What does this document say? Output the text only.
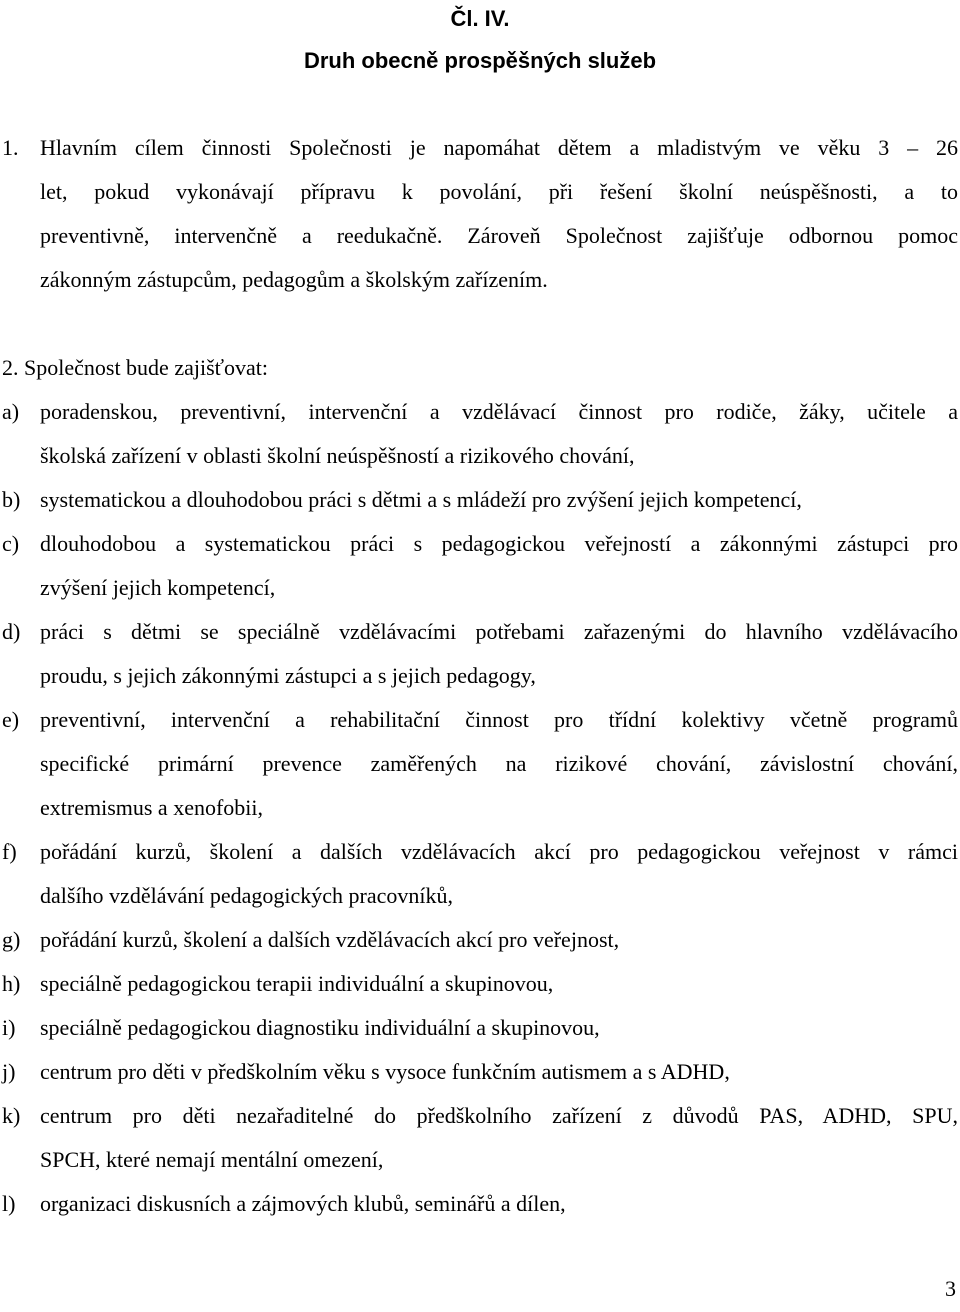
Čl. IV.
Druh obecně prospěšných služeb
1. Hlavním cílem činnosti Společnosti je napomáhat dětem a mladistvým ve věku 3 – 26
let, pokud vykonávají přípravu k povolání, při řešení školní neúspěšnosti, a to
preventivně, intervenčně a reedukačně. Zároveň Společnost zajišťuje odbornou pomoc
zákonným zástupcům, pedagogům a školským zařízením.
2. Společnost bude zajišťovat:
a) poradenskou, preventivní, intervenční a vzdělávací činnost pro rodiče, žáky, učitele a
školská zařízení v oblasti školní neúspěšností a rizikového chování,
b) systematickou a dlouhodobou práci s dětmi a s mládeží pro zvýšení jejich kompetencí,
c) dlouhodobou a systematickou práci s pedagogickou veřejností a zákonnými zástupci pro
zvýšení jejich kompetencí,
d) práci s dětmi se speciálně vzdělávacími potřebami zařazenými do hlavního vzdělávacího
proudu, s jejich zákonnými zástupci a s jejich pedagogy,
e) preventivní, intervenční a rehabilitační činnost pro třídní kolektivy včetně programů
specifické primární prevence zaměřených na rizikové chování, závislostní chování,
extremismus a xenofobii,
f) pořádání kurzů, školení a dalších vzdělávacích akcí pro pedagogickou veřejnost v rámci
dalšího vzdělávání pedagogických pracovníků,
g) pořádání kurzů, školení a dalších vzdělávacích akcí pro veřejnost,
h) speciálně pedagogickou terapii individuální a skupinovou,
i) speciálně pedagogickou diagnostiku individuální a skupinovou,
j) centrum pro děti v předškolním věku s vysoce funkčním autismem a s ADHD,
k) centrum pro děti nezařaditelné do předškolního zařízení z důvodů PAS, ADHD, SPU,
SPCH, které nemají mentální omezení,
l) organizaci diskusních a zájmových klubů, seminářů a dílen,
3
